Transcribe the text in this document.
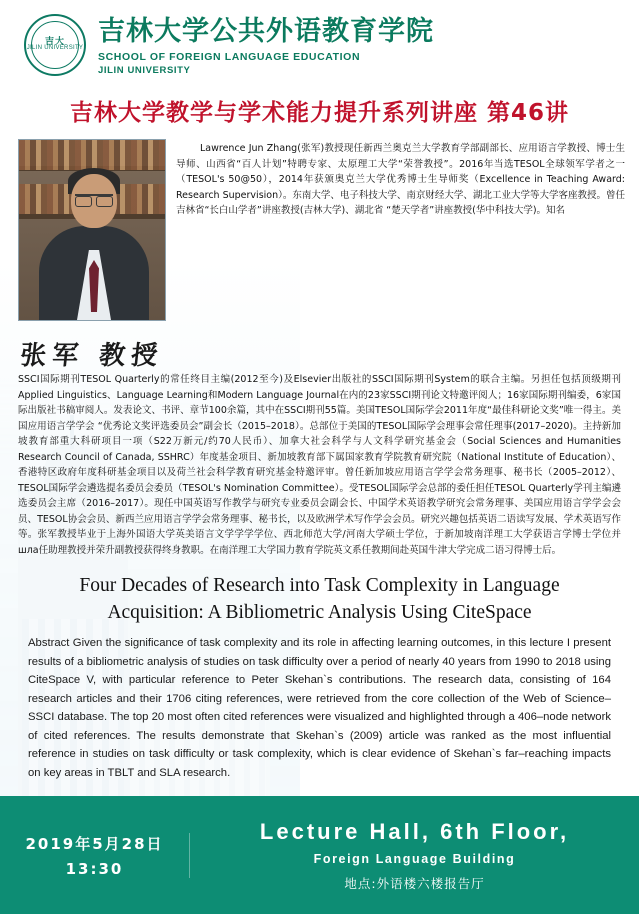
吉大
JILIN UNIVERSITY
吉林大学公共外语教育学院
SCHOOL OF FOREIGN LANGUAGE EDUCATION
JILIN UNIVERSITY
吉林大学教学与学术能力提升系列讲座 第46讲
张军 教授
Lawrence Jun Zhang(张军)教授现任新西兰奥克兰大学教育学部副部长、应用语言学教授、博士生导师、山西省“百人计划”特聘专家、太原理工大学“荣誉教授”。2016年当选TESOL全球领军学者之一（TESOL's 50@50），2014年获颁奥克兰大学优秀博士生导师奖（Excellence in Teaching Award: Research Supervision）。东南大学、电子科技大学、南京财经大学、湖北工业大学等大学客座教授。曾任吉林省“长白山学者”讲座教授(吉林大学)、湖北省 “楚天学者”讲座教授(华中科技大学)。知名
SSCI国际期刊TESOL Quarterly的常任终目主编(2012至今)及Elsevier出版社的SSCI国际期刊System的联合主编。另担任包括顶级期刊Applied Linguistics、Language Learning和Modern Language Journal在内的23家SSCI期刊论文特邀评阅人；16家国际期刊编委，6家国际出版社书稿审阅人。发表论文、书评、章节100余篇，其中在SSCI期刊55篇。美国TESOL国际学会2011年度“最佳科研论文奖”唯一得主。美国应用语言学学会 “优秀论文奖评选委员会”副会长（2015–2018）。总部位于美国的TESOL国际学会理事会常任理事(2017–2020)。主持新加坡教育部重大科研项目一项（S22万新元/约70人民币）、加拿大社会科学与人文科学研究基金会（Social Sciences and Humanities Research Council of Canada, SSHRC）年度基金项目、新加坡教育部下属国家教育学院教育研究院（National Institute of Education）、香港特区政府年度科研基金项目以及荷兰社会科学教育研究基金特邀评审。曾任新加坡应用语言学学会常务理事、秘书长（2005–2012）、TESOL国际学会遴选提名委员会委员（TESOL's Nomination Committee）。受TESOL国际学会总部的委任担任TESOL Quarterly学刊主编遴选委员会主席（2016–2017）。现任中国英语写作教学与研究专业委员会副会长、中国学术英语教学研究会常务理事、美国应用语言学学会会员、TESOL协会会员、新西兰应用语言学学会常务理事、秘书长，以及欧洲学术写作学会会员。研究兴趣包括英语二语读写发展、学术英语写作等。张军教授毕业于上海外国语大学英美语言文学学学学位、西北师范大学/河南大学硕士学位，于新加坡南洋理工大学获语言学博士学位并шла任助理教授并荣升副教授获得终身教职。在南洋理工大学国力教育学院英文系任教期间赴英国牛津大学完成二语习得博士后。
Four Decades of Research into Task Complexity in Language Acquisition: A Bibliometric Analysis Using CiteSpace
Abstract Given the significance of task complexity and its role in affecting learning outcomes, in this lecture I present results of a bibliometric analysis of studies on task difficulty over a period of nearly 40 years from 1990 to 2018 using CiteSpace V, with particular reference to Peter Skehan`s contributions. The research data, consisting of 164 research articles and their 1706 citing references, were retrieved from the core collection of the Web of Science–SSCI database. The top 20 most often cited references were visualized and highlighted through a 406–node network of cited references. The results demonstrate that Skehan`s (2009) article was ranked as the most influential reference in studies on task difficulty or task complexity, which is clear evidence of Skehan`s far–reaching impacts on key areas in TBLT and SLA research.
2019年5月28日
13:30
Lecture Hall, 6th Floor,
Foreign Language Building
地点:外语楼六楼报告厅
